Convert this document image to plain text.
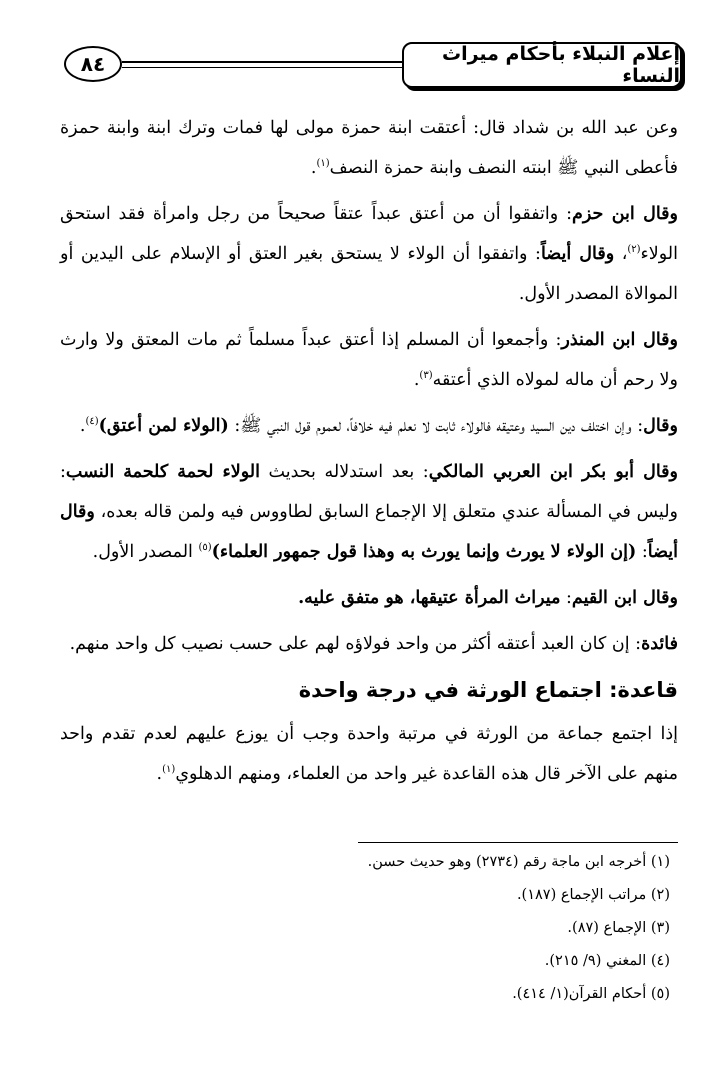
إعلام النبلاء بأحكام ميراث النساء
٨٤

وعن عبد الله بن شداد قال: أعتقت ابنة حمزة مولى لها فمات وترك ابنة وابنة حمزة فأعطى النبي ﷺ ابنته النصف وابنة حمزة النصف$^{(١)}$.

وقال ابن حزم: واتفقوا أن من أعتق عبداً عتقاً صحيحاً من رجل وامرأة فقد استحق الولاء$^{(٢)}$، وقال أيضاً: واتفقوا أن الولاء لا يستحق بغير العتق أو الإسلام على اليدين أو الموالاة المصدر الأول.

وقال ابن المنذر: وأجمعوا أن المسلم إذا أعتق عبداً مسلماً ثم مات المعتق ولا وارث ولا رحم أن ماله لمولاه الذي أعتقه$^{(٣)}$.

وقال: وإن اختلف دين السيد وعتيقه فالولاء ثابت لا نعلم فيه خلافاً، لعموم قول النبي ﷺ: (الولاء لمن أعتق)$^{(٤)}$.

وقال أبو بكر ابن العربي المالكي: بعد استدلاله بحديث الولاء لحمة كلحمة النسب: وليس في المسألة عندي متعلق إلا الإجماع السابق لطاووس فيه ولمن قاله بعده، وقال أيضاً: (إن الولاء لا يورث وإنما يورث به وهذا قول جمهور العلماء)$^{(٥)}$ المصدر الأول.

وقال ابن القيم: ميراث المرأة عتيقها، هو متفق عليه.

فائدة: إن كان العبد أعتقه أكثر من واحد فولاؤه لهم على حسب نصيب كل واحد منهم.

قاعدة: اجتماع الورثة في درجة واحدة

إذا اجتمع جماعة من الورثة في مرتبة واحدة وجب أن يوزع عليهم لعدم تقدم واحد منهم على الآخر قال هذه القاعدة غير واحد من العلماء، ومنهم الدهلوي$^{(١)}$.

(١) أخرجه ابن ماجة رقم (٢٧٣٤) وهو حديث حسن.
(٢) مراتب الإجماع (١٨٧).
(٣) الإجماع (٨٧).
(٤) المغني (٩/ ٢١٥).
(٥) أحكام القرآن(١/ ٤١٤).
